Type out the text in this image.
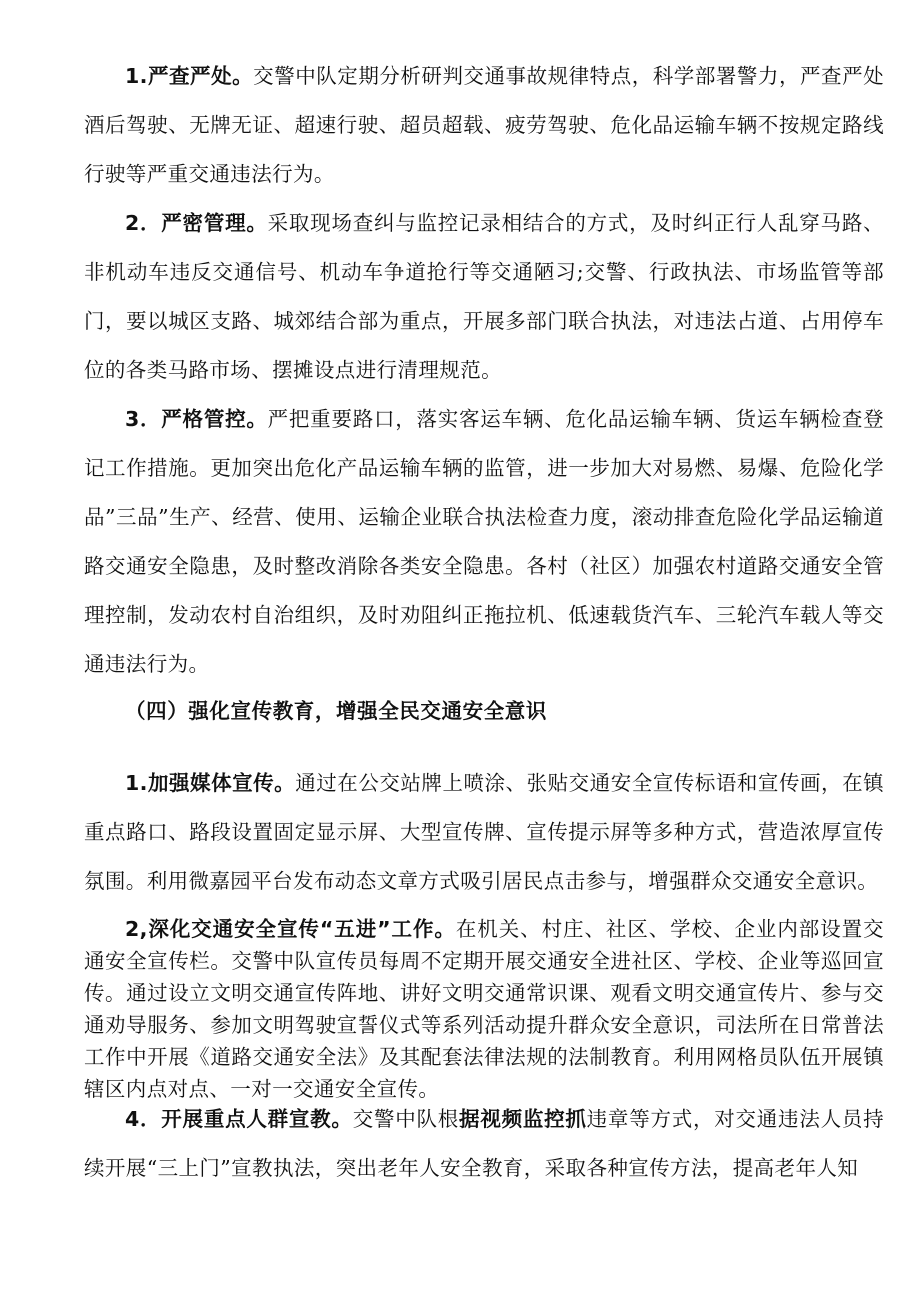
1.严查严处。交警中队定期分析研判交通事故规律特点，科学部署警力，严查严处酒后驾驶、无牌无证、超速行驶、超员超载、疲劳驾驶、危化品运输车辆不按规定路线行驶等严重交通违法行为。

2．严密管理。采取现场查纠与监控记录相结合的方式，及时纠正行人乱穿马路、非机动车违反交通信号、机动车争道抢行等交通陋习;交警、行政执法、市场监管等部门，要以城区支路、城郊结合部为重点，开展多部门联合执法，对违法占道、占用停车位的各类马路市场、摆摊设点进行清理规范。

3．严格管控。严把重要路口，落实客运车辆、危化品运输车辆、货运车辆检查登记工作措施。更加突出危化产品运输车辆的监管，进一步加大对易燃、易爆、危险化学品”三品”生产、经营、使用、运输企业联合执法检查力度，滚动排查危险化学品运输道路交通安全隐患，及时整改消除各类安全隐患。各村（社区）加强农村道路交通安全管理控制，发动农村自治组织，及时劝阻纠正拖拉机、低速载货汽车、三轮汽车载人等交通违法行为。

（四）强化宣传教育，增强全民交通安全意识

1.加强媒体宣传。通过在公交站牌上喷涂、张贴交通安全宣传标语和宣传画，在镇重点路口、路段设置固定显示屏、大型宣传牌、宣传提示屏等多种方式，营造浓厚宣传氛围。利用微嘉园平台发布动态文章方式吸引居民点击参与，增强群众交通安全意识。

2,深化交通安全宣传“五进”工作。在机关、村庄、社区、学校、企业内部设置交通安全宣传栏。交警中队宣传员每周不定期开展交通安全进社区、学校、企业等巡回宣传。通过设立文明交通宣传阵地、讲好文明交通常识课、观看文明交通宣传片、参与交通劝导服务、参加文明驾驶宣誓仪式等系列活动提升群众安全意识，司法所在日常普法工作中开展《道路交通安全法》及其配套法律法规的法制教育。利用网格员队伍开展镇辖区内点对点、一对一交通安全宣传。

4．开展重点人群宣教。交警中队根据视频监控抓违章等方式，对交通违法人员持续开展“三上门”宣教执法，突出老年人安全教育，采取各种宣传方法，提高老年人知
